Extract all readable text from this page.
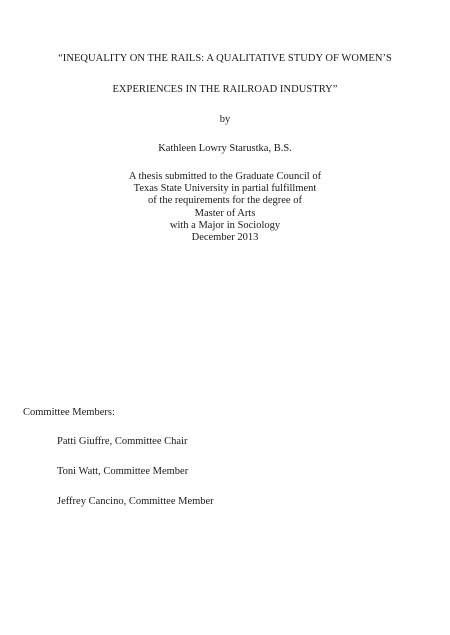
“INEQUALITY ON THE RAILS: A QUALITATIVE STUDY OF WOMEN’S
EXPERIENCES IN THE RAILROAD INDUSTRY”
by
Kathleen Lowry Starustka, B.S.
A thesis submitted to the Graduate Council of
Texas State University in partial fulfillment
of the requirements for the degree of
Master of Arts
with a Major in Sociology
December 2013
Committee Members:
Patti Giuffre, Committee Chair
Toni Watt, Committee Member
Jeffrey Cancino, Committee Member
